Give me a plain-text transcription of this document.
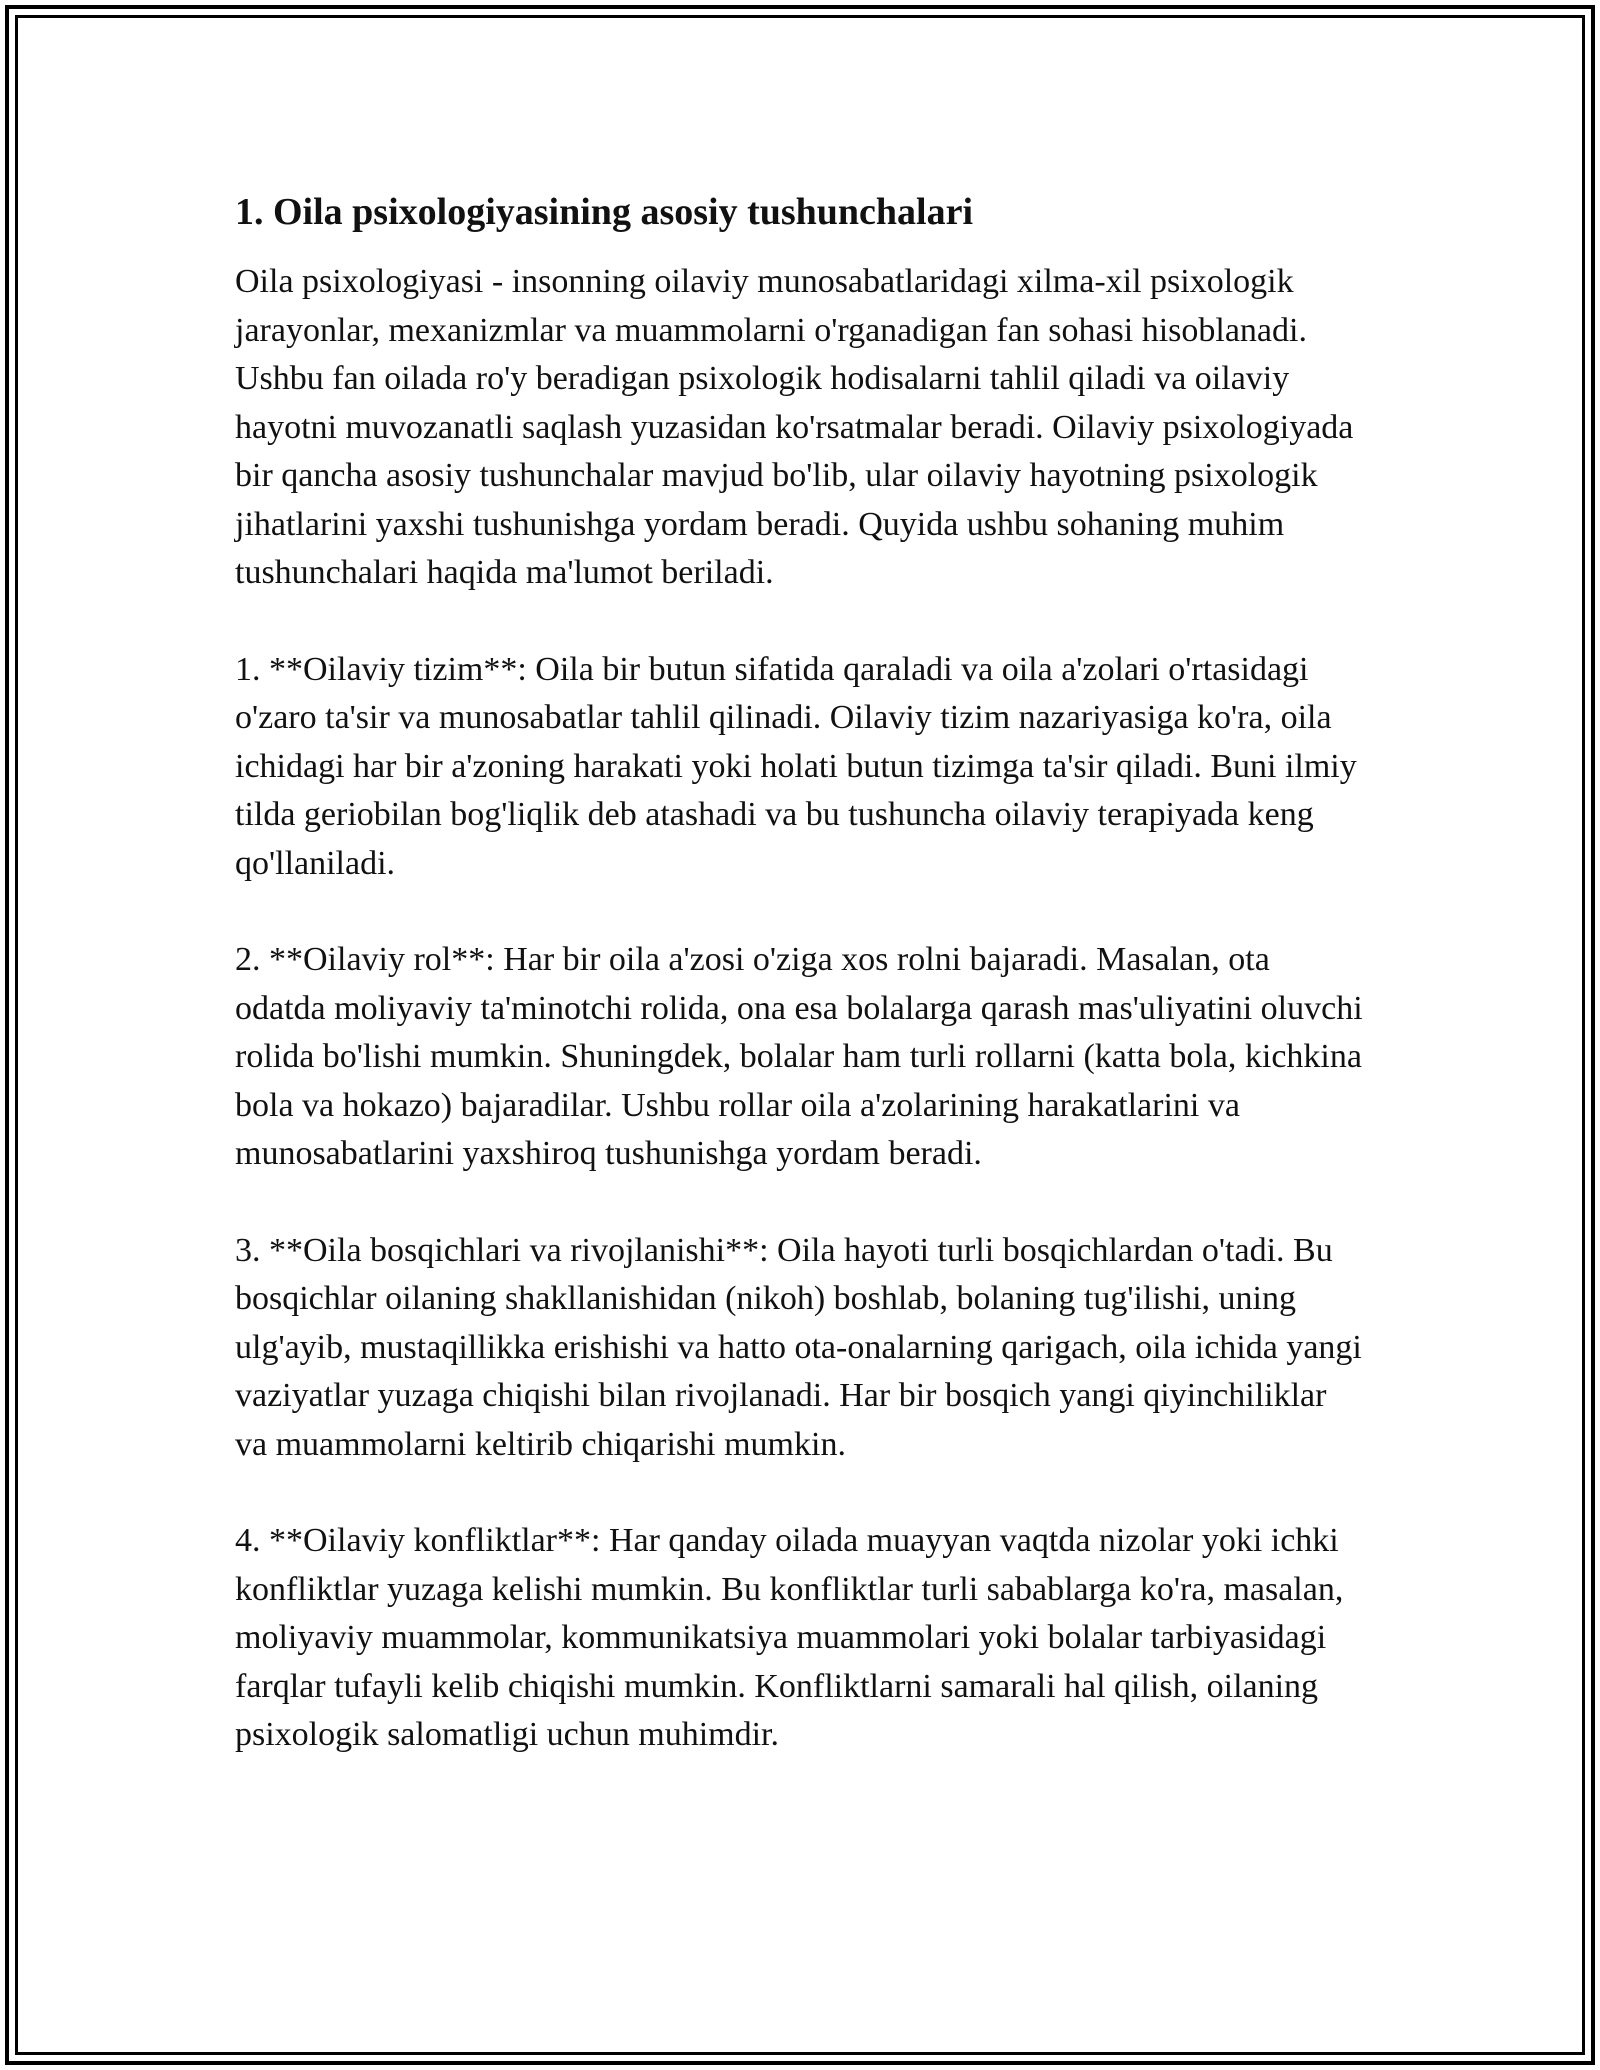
1. Oila psixologiyasining asosiy tushunchalari

Oila psixologiyasi - insonning oilaviy munosabatlaridagi xilma-xil psixologik jarayonlar, mexanizmlar va muammolarni o'rganadigan fan sohasi hisoblanadi. Ushbu fan oilada ro'y beradigan psixologik hodisalarni tahlil qiladi va oilaviy hayotni muvozanatli saqlash yuzasidan ko'rsatmalar beradi. Oilaviy psixologiyada bir qancha asosiy tushunchalar mavjud bo'lib, ular oilaviy hayotning psixologik jihatlarini yaxshi tushunishga yordam beradi. Quyida ushbu sohaning muhim tushunchalari haqida ma'lumot beriladi.

1. **Oilaviy tizim**: Oila bir butun sifatida qaraladi va oila a'zolari o'rtasidagi o'zaro ta'sir va munosabatlar tahlil qilinadi. Oilaviy tizim nazariyasiga ko'ra, oila ichidagi har bir a'zoning harakati yoki holati butun tizimga ta'sir qiladi. Buni ilmiy tilda geriobilan bog'liqlik deb atashadi va bu tushuncha oilaviy terapiyada keng qo'llaniladi.

2. **Oilaviy rol**: Har bir oila a'zosi o'ziga xos rolni bajaradi. Masalan, ota odatda moliyaviy ta'minotchi rolida, ona esa bolalarga qarash mas'uliyatini oluvchi rolida bo'lishi mumkin. Shuningdek, bolalar ham turli rollarni (katta bola, kichkina bola va hokazo) bajaradilar. Ushbu rollar oila a'zolarining harakatlarini va munosabatlarini yaxshiroq tushunishga yordam beradi.

3. **Oila bosqichlari va rivojlanishi**: Oila hayoti turli bosqichlardan o'tadi. Bu bosqichlar oilaning shakllanishidan (nikoh) boshlab, bolaning tug'ilishi, uning ulg'ayib, mustaqillikka erishishi va hatto ota-onalarning qarigach, oila ichida yangi vaziyatlar yuzaga chiqishi bilan rivojlanadi. Har bir bosqich yangi qiyinchiliklar va muammolarni keltirib chiqarishi mumkin.

4. **Oilaviy konfliktlar**: Har qanday oilada muayyan vaqtda nizolar yoki ichki konfliktlar yuzaga kelishi mumkin. Bu konfliktlar turli sabablarga ko'ra, masalan, moliyaviy muammolar, kommunikatsiya muammolari yoki bolalar tarbiyasidagi farqlar tufayli kelib chiqishi mumkin. Konfliktlarni samarali hal qilish, oilaning psixologik salomatligi uchun muhimdir.
